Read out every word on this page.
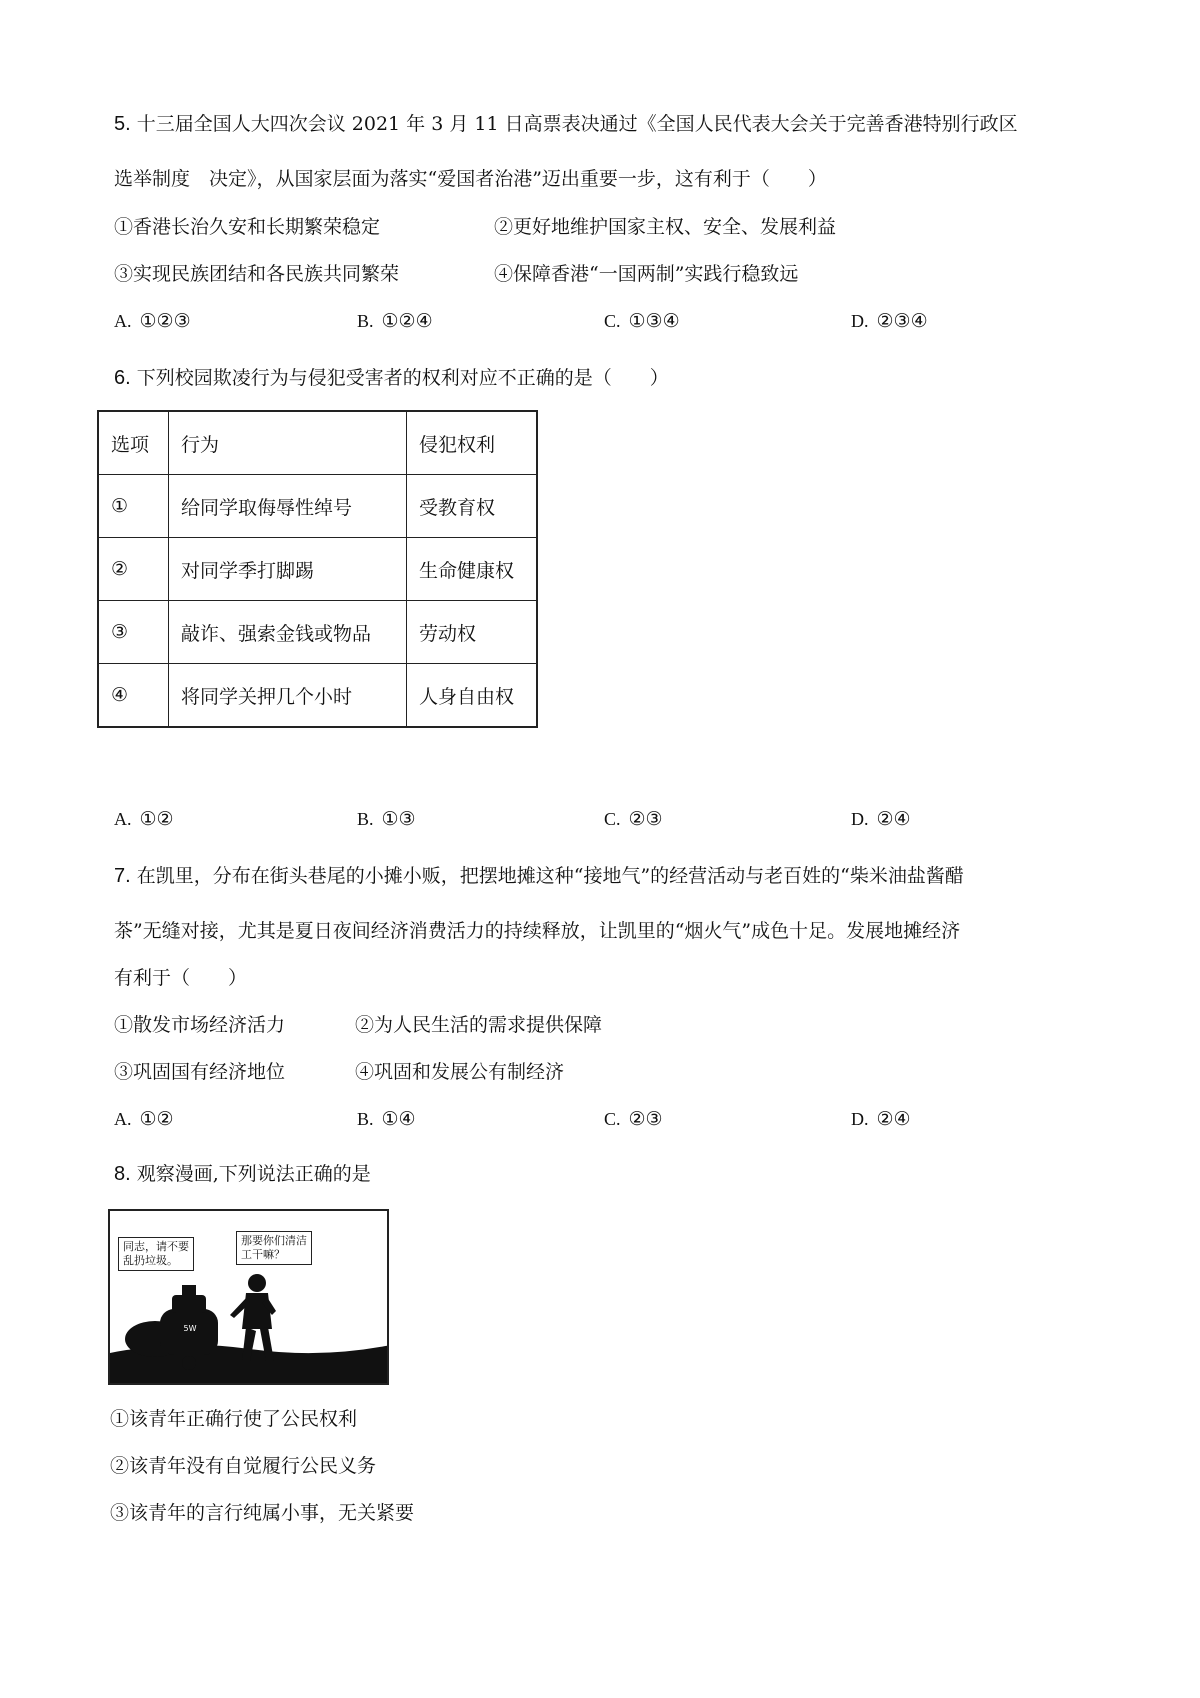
5. 十三届全国人大四次会议 2021 年 3 月 11 日高票表决通过《全国人民代表大会关于完善香港特别行政区
选举制度　决定》，从国家层面为落实“爱国者治港”迈出重要一步，这有利于（　　）
①香港长治久安和长期繁荣稳定	②更好地维护国家主权、安全、发展利益
③实现民族团结和各民族共同繁荣	④保障香港“一国两制”实践行稳致远
A. ①②③	B. ①②④	C. ①③④	D. ②③④
6. 下列校园欺凌行为与侵犯受害者的权利对应不正确的是（　　）
选项	行为	侵犯权利
①	给同学取侮辱性绰号	受教育权
②	对同学季打脚踢	生命健康权
③	敲诈、强索金钱或物品	劳动权
④	将同学关押几个小时	人身自由权
A. ①②	B. ①③	C. ②③	D. ②④
7. 在凯里，分布在街头巷尾的小摊小贩，把摆地摊这种“接地气”的经营活动与老百姓的“柴米油盐酱醋
茶”无缝对接，尤其是夏日夜间经济消费活力的持续释放，让凯里的“烟火气”成色十足。发展地摊经济
有利于（　　）
①散发市场经济活力	②为人民生活的需求提供保障
③巩固国有经济地位	④巩固和发展公有制经济
A. ①②	B. ①④	C. ②③	D. ②④
8. 观察漫画,下列说法正确的是
5W
同志，请不要
乱扔垃圾。
那要你们清洁
工干嘛？
①该青年正确行使了公民权利
②该青年没有自觉履行公民义务
③该青年的言行纯属小事，无关紧要
